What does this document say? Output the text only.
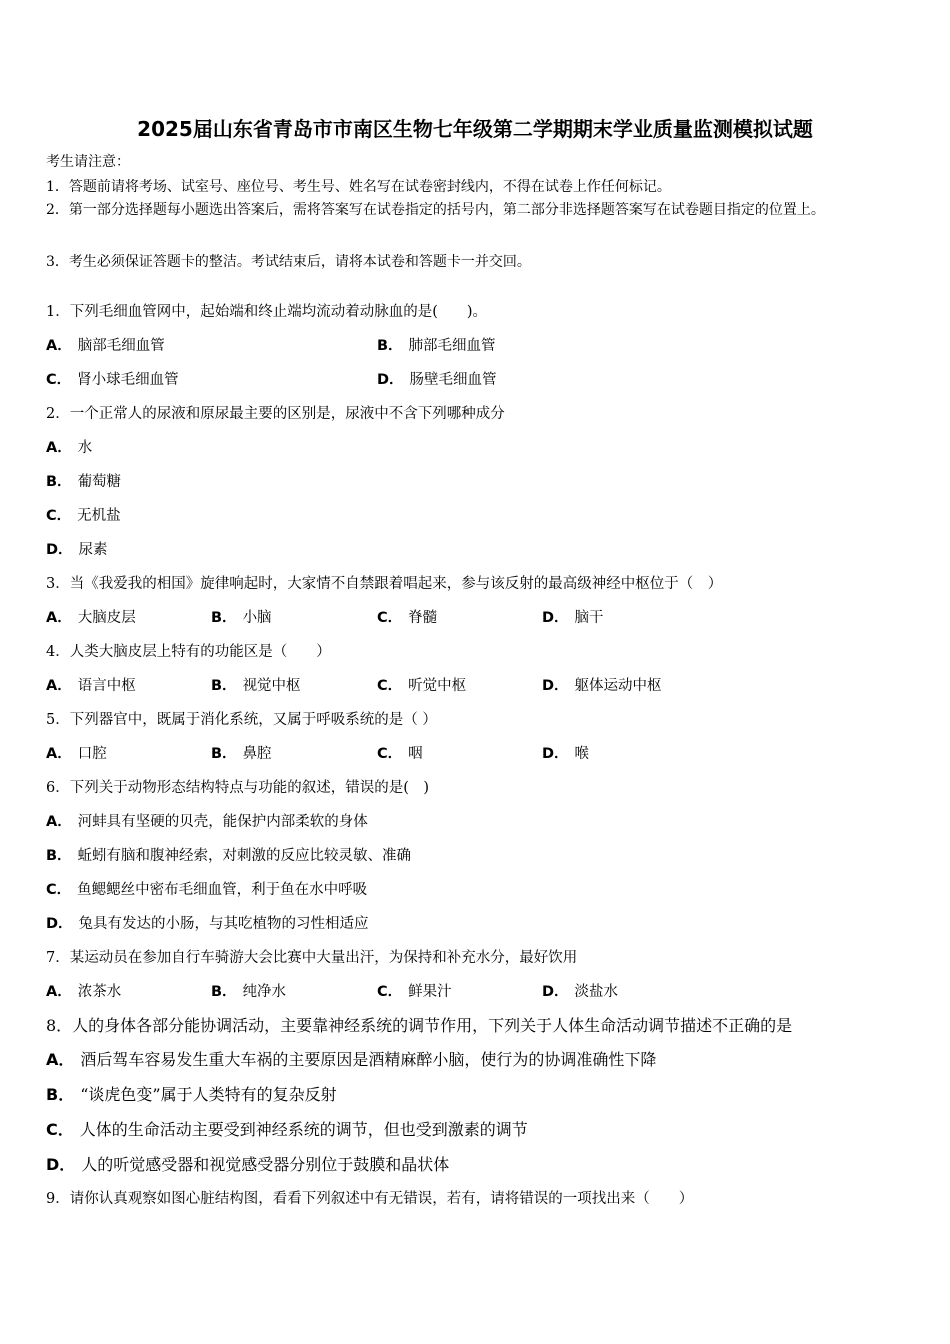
2025届山东省青岛市市南区生物七年级第二学期期末学业质量监测模拟试题
考生请注意：
1．答题前请将考场、试室号、座位号、考生号、姓名写在试卷密封线内，不得在试卷上作任何标记。
2．第一部分选择题每小题选出答案后，需将答案写在试卷指定的括号内，第二部分非选择题答案写在试卷题目指定的位置上。
3．考生必须保证答题卡的整洁。考试结束后，请将本试卷和答题卡一并交回。
1．下列毛细血管网中，起始端和终止端均流动着动脉血的是(　　)。
A． 脑部毛细血管	B． 肺部毛细血管
C． 肾小球毛细血管	D． 肠壁毛细血管
2．一个正常人的尿液和原尿最主要的区别是，尿液中不含下列哪种成分
A． 水
B． 葡萄糖
C． 无机盐
D． 尿素
3．当《我爱我的相国》旋律响起时，大家情不自禁跟着唱起来，参与该反射的最高级神经中枢位于（　）
A． 大脑皮层	B． 小脑	C． 脊髓	D． 脑干
4．人类大脑皮层上特有的功能区是（　　）
A． 语言中枢	B． 视觉中枢	C． 听觉中枢	D． 躯体运动中枢
5．下列器官中，既属于消化系统，又属于呼吸系统的是（ ）
A． 口腔	B． 鼻腔	C． 咽	D． 喉
6．下列关于动物形态结构特点与功能的叙述，错误的是(　)
A． 河蚌具有坚硬的贝壳，能保护内部柔软的身体
B． 蚯蚓有脑和腹神经索，对刺激的反应比较灵敏、准确
C． 鱼鳃鳃丝中密布毛细血管，利于鱼在水中呼吸
D． 兔具有发达的小肠，与其吃植物的习性相适应
7．某运动员在参加自行车骑游大会比赛中大量出汗，为保持和补充水分，最好饮用
A． 浓茶水	B． 纯净水	C． 鲜果汁	D． 淡盐水
8．人的身体各部分能协调活动，主要靠神经系统的调节作用，下列关于人体生命活动调节描述不正确的是
A． 酒后驾车容易发生重大车祸的主要原因是酒精麻醉小脑，使行为的协调准确性下降
B． “谈虎色变”属于人类特有的复杂反射
C． 人体的生命活动主要受到神经系统的调节，但也受到激素的调节
D． 人的听觉感受器和视觉感受器分别位于鼓膜和晶状体
9．请你认真观察如图心脏结构图，看看下列叙述中有无错误，若有，请将错误的一项找出来（　　）
